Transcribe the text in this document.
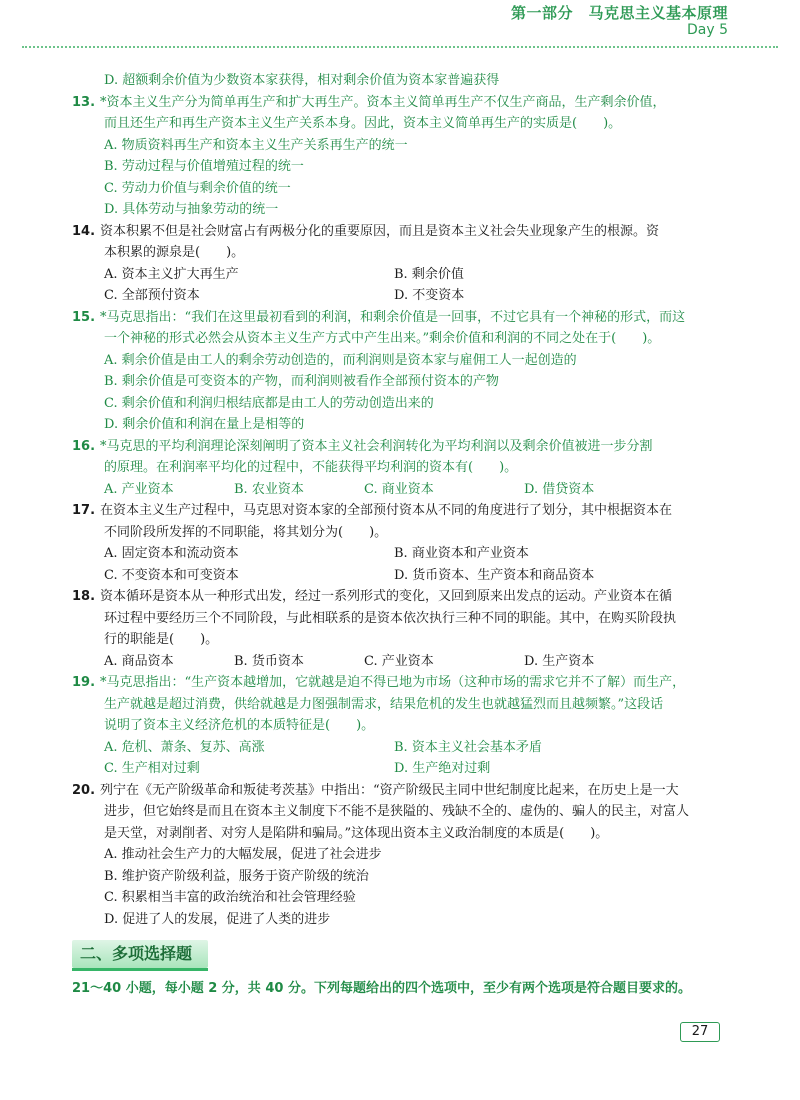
第一部分　马克思主义基本原理
Day 5
D. 超额剩余价值为少数资本家获得，相对剩余价值为资本家普遍获得
13. *资本主义生产分为简单再生产和扩大再生产。资本主义简单再生产不仅生产商品，生产剩余价值，
而且还生产和再生产资本主义生产关系本身。因此，资本主义简单再生产的实质是(　　)。
A. 物质资料再生产和资本主义生产关系再生产的统一
B. 劳动过程与价值增殖过程的统一
C. 劳动力价值与剩余价值的统一
D. 具体劳动与抽象劳动的统一
14. 资本积累不但是社会财富占有两极分化的重要原因，而且是资本主义社会失业现象产生的根源。资
本积累的源泉是(　　)。
A. 资本主义扩大再生产	B. 剩余价值
C. 全部预付资本	D. 不变资本
15. *马克思指出：“我们在这里最初看到的利润，和剩余价值是一回事，不过它具有一个神秘的形式，而这
一个神秘的形式必然会从资本主义生产方式中产生出来。”剩余价值和利润的不同之处在于(　　)。
A. 剩余价值是由工人的剩余劳动创造的，而利润则是资本家与雇佣工人一起创造的
B. 剩余价值是可变资本的产物，而利润则被看作全部预付资本的产物
C. 剩余价值和利润归根结底都是由工人的劳动创造出来的
D. 剩余价值和利润在量上是相等的
16. *马克思的平均利润理论深刻阐明了资本主义社会利润转化为平均利润以及剩余价值被进一步分割
的原理。在利润率平均化的过程中，不能获得平均利润的资本有(　　)。
A. 产业资本	B. 农业资本	C. 商业资本	D. 借贷资本
17. 在资本主义生产过程中，马克思对资本家的全部预付资本从不同的角度进行了划分，其中根据资本在
不同阶段所发挥的不同职能，将其划分为(　　)。
A. 固定资本和流动资本	B. 商业资本和产业资本
C. 不变资本和可变资本	D. 货币资本、生产资本和商品资本
18. 资本循环是资本从一种形式出发，经过一系列形式的变化，又回到原来出发点的运动。产业资本在循
环过程中要经历三个不同阶段，与此相联系的是资本依次执行三种不同的职能。其中，在购买阶段执
行的职能是(　　)。
A. 商品资本	B. 货币资本	C. 产业资本	D. 生产资本
19. *马克思指出：“生产资本越增加，它就越是迫不得已地为市场（这种市场的需求它并不了解）而生产，
生产就越是超过消费，供给就越是力图强制需求，结果危机的发生也就越猛烈而且越频繁。”这段话
说明了资本主义经济危机的本质特征是(　　)。
A. 危机、萧条、复苏、高涨	B. 资本主义社会基本矛盾
C. 生产相对过剩	D. 生产绝对过剩
20. 列宁在《无产阶级革命和叛徒考茨基》中指出：“资产阶级民主同中世纪制度比起来，在历史上是一大
进步，但它始终是而且在资本主义制度下不能不是狭隘的、残缺不全的、虚伪的、骗人的民主，对富人
是天堂，对剥削者、对穷人是陷阱和骗局。”这体现出资本主义政治制度的本质是(　　)。
A. 推动社会生产力的大幅发展，促进了社会进步
B. 维护资产阶级利益，服务于资产阶级的统治
C. 积累相当丰富的政治统治和社会管理经验
D. 促进了人的发展，促进了人类的进步
二、多项选择题
21～40 小题，每小题 2 分，共 40 分。下列每题给出的四个选项中，至少有两个选项是符合题目要求的。
27
